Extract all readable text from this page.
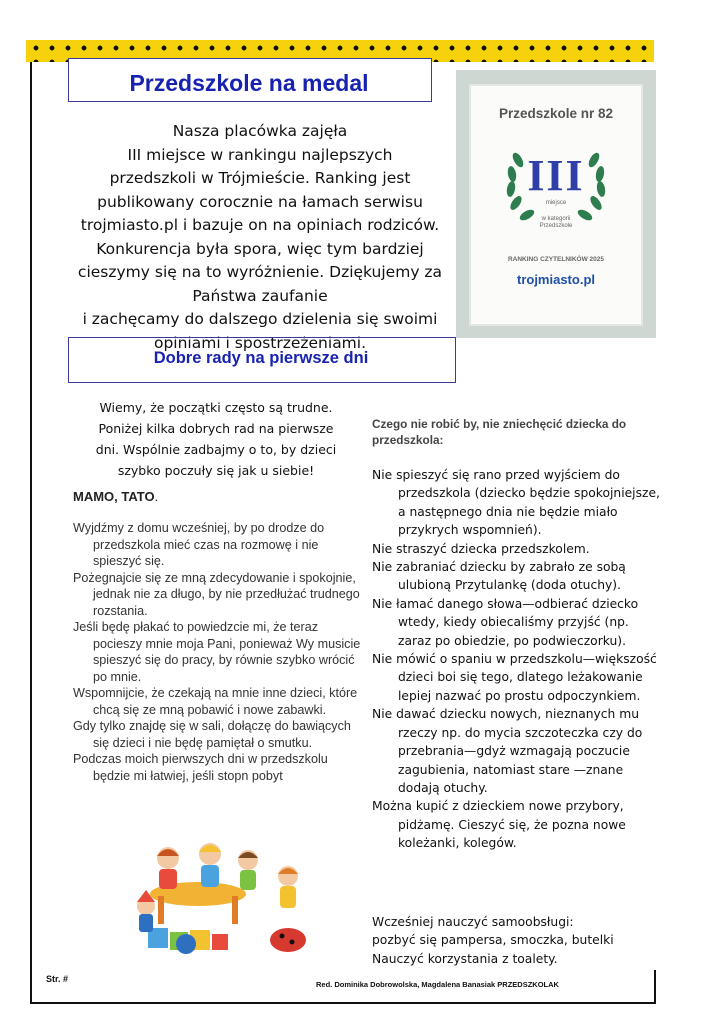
Przedszkole na medal
Nasza placówka zajęła
III miejsce w rankingu najlepszych
przedszkoli w Trójmieście. Ranking jest
publikowany corocznie na łamach serwisu
trojmiasto.pl i bazuje on na opiniach rodziców.
Konkurencja była spora, więc tym bardziej
cieszymy się na to wyróżnienie. Dziękujemy za
Państwa zaufanie
i zachęcamy do dalszego dzielenia się swoimi
opiniami i spostrzeżeniami.
Przedszkole nr 82
III
miejsce
w kategorii
Przedszkole
RANKING CZYTELNIKÓW 2025
trojmiasto.pl
Dobre rady na pierwsze dni
Wiemy, że początki często są trudne.
Poniżej kilka dobrych rad na pierwsze
dni. Wspólnie zadbajmy o to, by dzieci
szybko poczuły się jak u siebie!
MAMO, TATO.
Wyjdźmy z domu wcześniej, by po drodze do przedszkola mieć czas na rozmowę i nie spieszyć się.
Pożegnajcie się ze mną zdecydowanie i spokojnie, jednak nie za długo, by nie przedłużać trudnego rozstania.
Jeśli będę płakać to powiedzcie mi, że teraz pocieszy mnie moja Pani, ponieważ Wy musicie spieszyć się do pracy, by równie szybko wrócić po mnie.
Wspomnijcie, że czekają na mnie inne dzieci, które chcą się ze mną pobawić i nowe zabawki.
Gdy tylko znajdę się w sali, dołączę do bawiących się dzieci i nie będę pamiętał o smutku.
Podczas moich pierwszych dni w przedszkolu będzie mi łatwiej, jeśli stopn pobyt
Czego nie robić by, nie zniechęcić dziecka do przedszkola:
Nie spieszyć się rano przed wyjściem do przedszkola (dziecko będzie spokojniejsze, a następnego dnia nie będzie miało przykrych wspomnień).
Nie straszyć dziecka przedszkolem.
Nie zabraniać dziecku by zabrało ze sobą ulubioną Przytulankę (doda otuchy).
Nie łamać danego słowa—odbierać dziecko wtedy, kiedy obiecaliśmy przyjść (np. zaraz po obiedzie, po podwieczorku).
Nie mówić o spaniu w przedszkolu—większość dzieci boi się tego, dlatego leżakowanie lepiej nazwać po prostu odpoczynkiem.
Nie dawać dziecku nowych, nieznanych mu rzeczy np. do mycia szczoteczka czy do przebrania—gdyż wzmagają poczucie zagubienia, natomiast stare —znane dodają otuchy.
Można kupić z dzieckiem nowe przybory, pidżamę. Cieszyć się, że pozna nowe koleżanki, kolegów.
Wcześniej nauczyć samoobsługi:
pozbyć się pampersa, smoczka, butelki
Nauczyć korzystania z toalety.
Str. #
Red. Dominika Dobrowolska, Magdalena Banasiak PRZEDSZKOLAK
